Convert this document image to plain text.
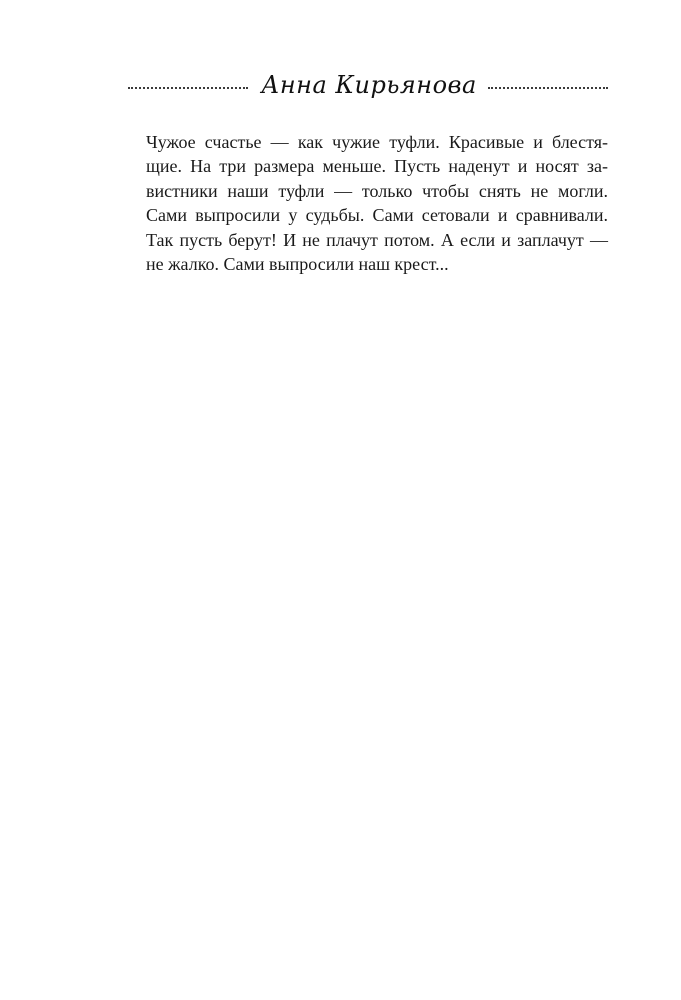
Анна Кирьянова
Чужое счастье — как чужие туфли. Красивые и блестя-
щие. На три размера меньше. Пусть наденут и носят за-
вистники наши туфли — только чтобы снять не могли.
Сами выпросили у судьбы. Сами сетовали и сравнивали.
Так пусть берут! И не плачут потом. А если и заплачут —
не жалко. Сами выпросили наш крест...
